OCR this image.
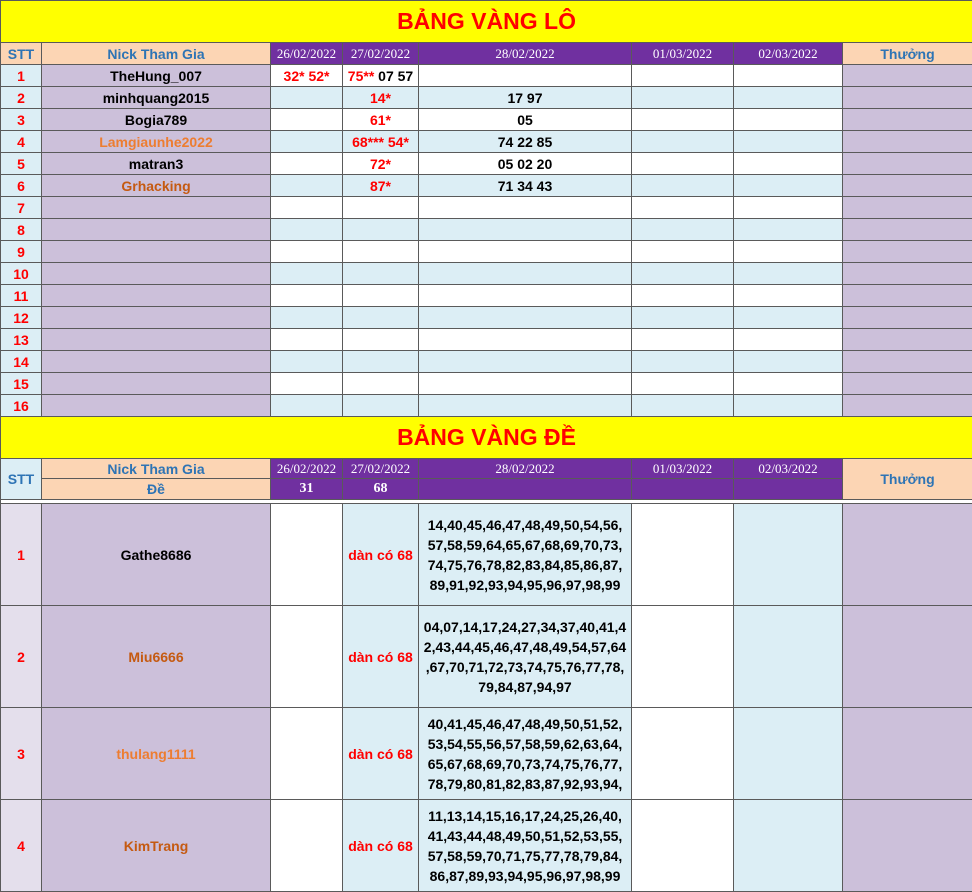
BẢNG VÀNG LÔ							
STT	Nick Tham Gia	26/02/2022	27/02/2022	28/02/2022	01/03/2022	02/03/2022	Thưởng
1	TheHung_007	32* 52*	75** 07 57				
2	minhquang2015		14*	17 97			
3	Bogia789		61*	05			
4	Lamgiaunhe2022		68*** 54*	74 22 85			
5	matran3		72*	05 02 20			
6	Grhacking		87*	71 34 43			
7							
8							
9							
10							
11							
12							
13							
14							
15							
16							
BẢNG VÀNG ĐỀ							
STT	Nick Tham Gia	26/02/2022	27/02/2022	28/02/2022	01/03/2022	02/03/2022	Thưởng
	Đề	31	68				

1	Gathe8686		dàn có 68	14,40,45,46,47,48,49,50,54,56,
57,58,59,64,65,67,68,69,70,73,
74,75,76,78,82,83,84,85,86,87,
89,91,92,93,94,95,96,97,98,99			

2	Miu6666		dàn có 68	04,07,14,17,24,27,34,37,40,41,4
2,43,44,45,46,47,48,49,54,57,64
,67,70,71,72,73,74,75,76,77,78,
79,84,87,94,97			

3	thulang1111		dàn có 68	40,41,45,46,47,48,49,50,51,52,
53,54,55,56,57,58,59,62,63,64,
65,67,68,69,70,73,74,75,76,77,
78,79,80,81,82,83,87,92,93,94,			

4	KimTrang		dàn có 68	11,13,14,15,16,17,24,25,26,40,
41,43,44,48,49,50,51,52,53,55,
57,58,59,70,71,75,77,78,79,84,
86,87,89,93,94,95,96,97,98,99			
